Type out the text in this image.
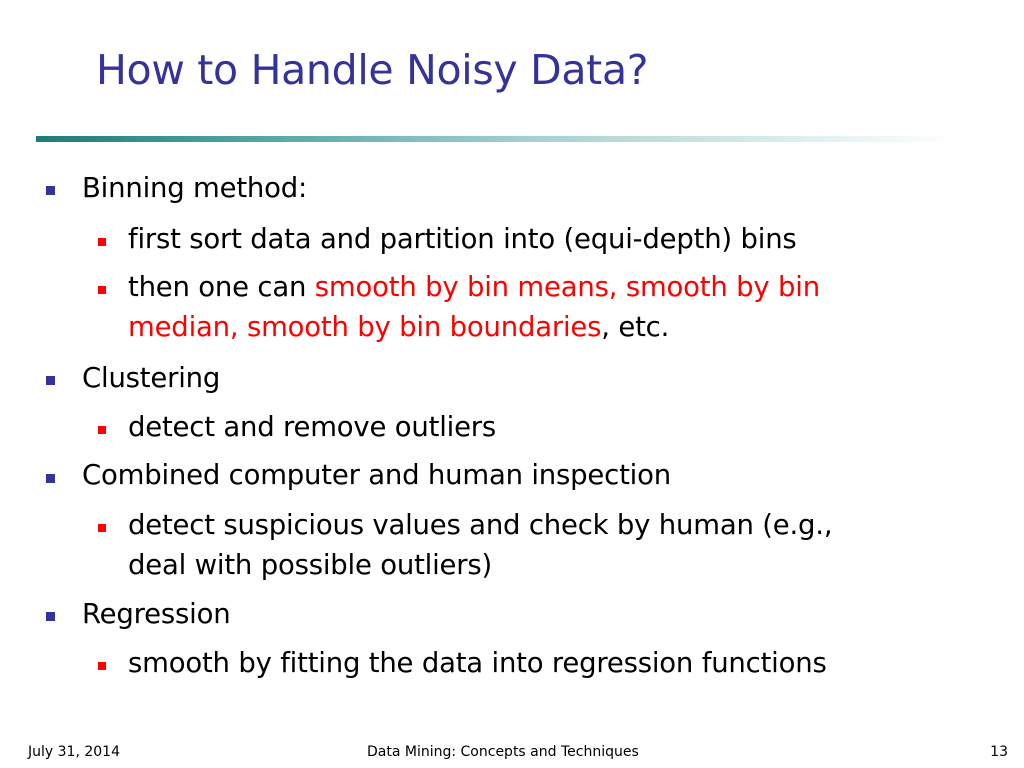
How to Handle Noisy Data?
Binning method:
first sort data and partition into (equi-depth) bins
then one can smooth by bin means, smooth by bin
median, smooth by bin boundaries, etc.
Clustering
detect and remove outliers
Combined computer and human inspection
detect suspicious values and check by human (e.g.,
deal with possible outliers)
Regression
smooth by fitting the data into regression functions
July 31, 2014	Data Mining: Concepts and Techniques	13
